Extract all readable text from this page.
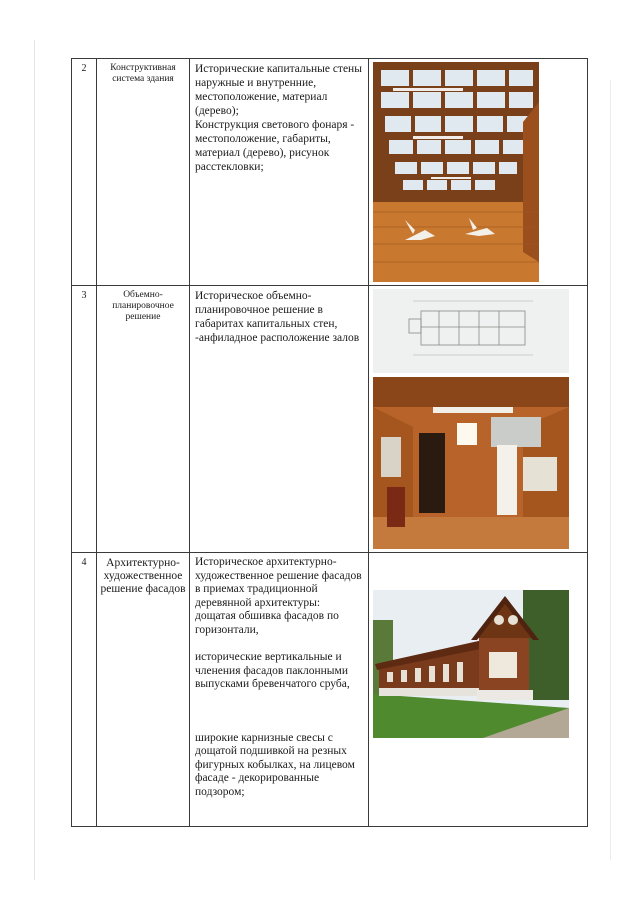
2	Конструктивная система здания	Исторические капитальные стены наружные и внутренние, местоположение, материал (дерево);
Конструкция светового фонаря - местоположение, габариты, материал (дерево), рисунок расстекловки;

3	Объемно-планировочное решение	Историческое объемно-планировочное решение в габаритах капитальных стен, -анфиладное расположение залов

4	Архитектурно-художественное решение фасадов	Историческое архитектурно-художественное решение фасадов в приемах традиционной деревянной архитектуры:
дощатая обшивка фасадов по горизонтали,
исторические вертикальные и членения фасадов паклонными выпусками бревенчатого сруба,
широкие карнизные свесы с дощатой подшивкой на резных фигурных кобылках, на лицевом фасаде - декорированные подзором;
